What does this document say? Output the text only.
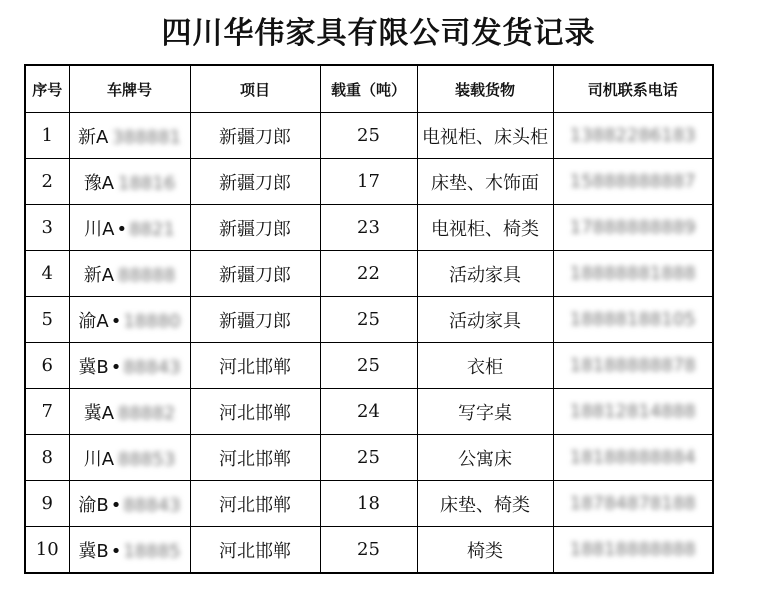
四川华伟家具有限公司发货记录
序号	车牌号	项目	载重（吨）	装载货物	司机联系电话
1	新A 388881	新疆刀郎	25	电视柜、床头柜	13882286183
2	豫A 18816	新疆刀郎	17	床垫、木饰面	15888888887
3	川A • 8821	新疆刀郎	23	电视柜、椅类	17888888889
4	新A 88888	新疆刀郎	22	活动家具	18888881888
5	渝A • 18880	新疆刀郎	25	活动家具	18888188105
6	冀B • 88843	河北邯郸	25	衣柜	18188888878
7	冀A 88882	河北邯郸	24	写字桌	18812814888
8	川A 88853	河北邯郸	25	公寓床	18188888884
9	渝B • 88843	河北邯郸	18	床垫、椅类	18784878188
10	冀B • 18885	河北邯郸	25	椅类	18818888888
